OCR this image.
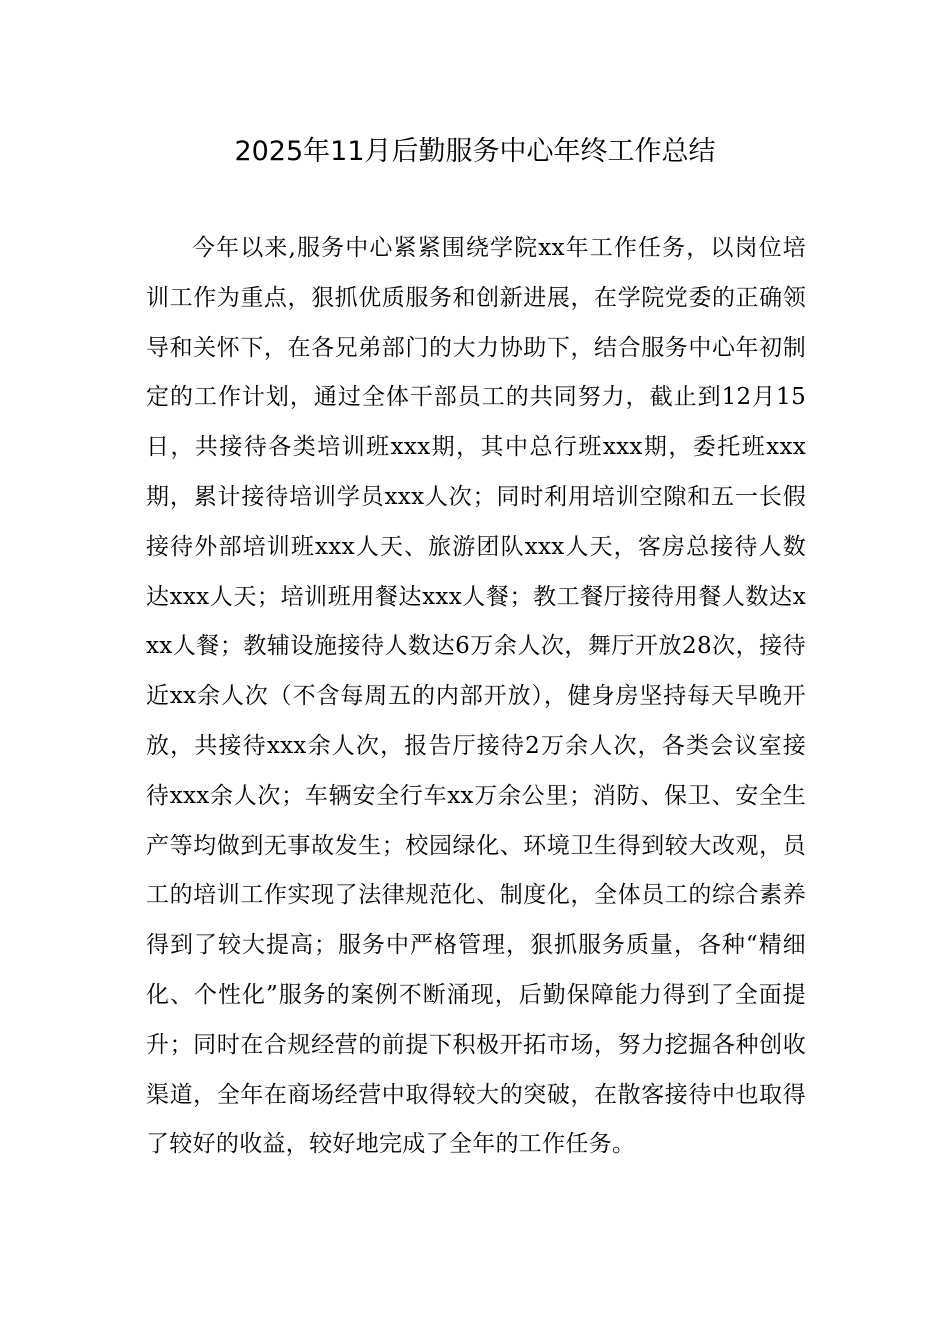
2025年11月后勤服务中心年终工作总结

今年以来,服务中心紧紧围绕学院xx年工作任务，以岗位培训工作为重点，狠抓优质服务和创新进展，在学院党委的正确领导和关怀下，在各兄弟部门的大力协助下，结合服务中心年初制定的工作计划，通过全体干部员工的共同努力，截止到12月15日，共接待各类培训班xxx期，其中总行班xxx期，委托班xxx期，累计接待培训学员xxx人次；同时利用培训空隙和五一长假接待外部培训班xxx人天、旅游团队xxx人天，客房总接待人数达xxx人天；培训班用餐达xxx人餐；教工餐厅接待用餐人数达xxx人餐；教辅设施接待人数达6万余人次，舞厅开放28次，接待近xx余人次（不含每周五的内部开放），健身房坚持每天早晚开放，共接待xxx余人次，报告厅接待2万余人次，各类会议室接待xxx余人次；车辆安全行车xx万余公里；消防、保卫、安全生产等均做到无事故发生；校园绿化、环境卫生得到较大改观，员工的培训工作实现了法律规范化、制度化，全体员工的综合素养得到了较大提高；服务中严格管理，狠抓服务质量，各种“精细化、个性化”服务的案例不断涌现，后勤保障能力得到了全面提升；同时在合规经营的前提下积极开拓市场，努力挖掘各种创收渠道，全年在商场经营中取得较大的突破，在散客接待中也取得了较好的收益，较好地完成了全年的工作任务。
